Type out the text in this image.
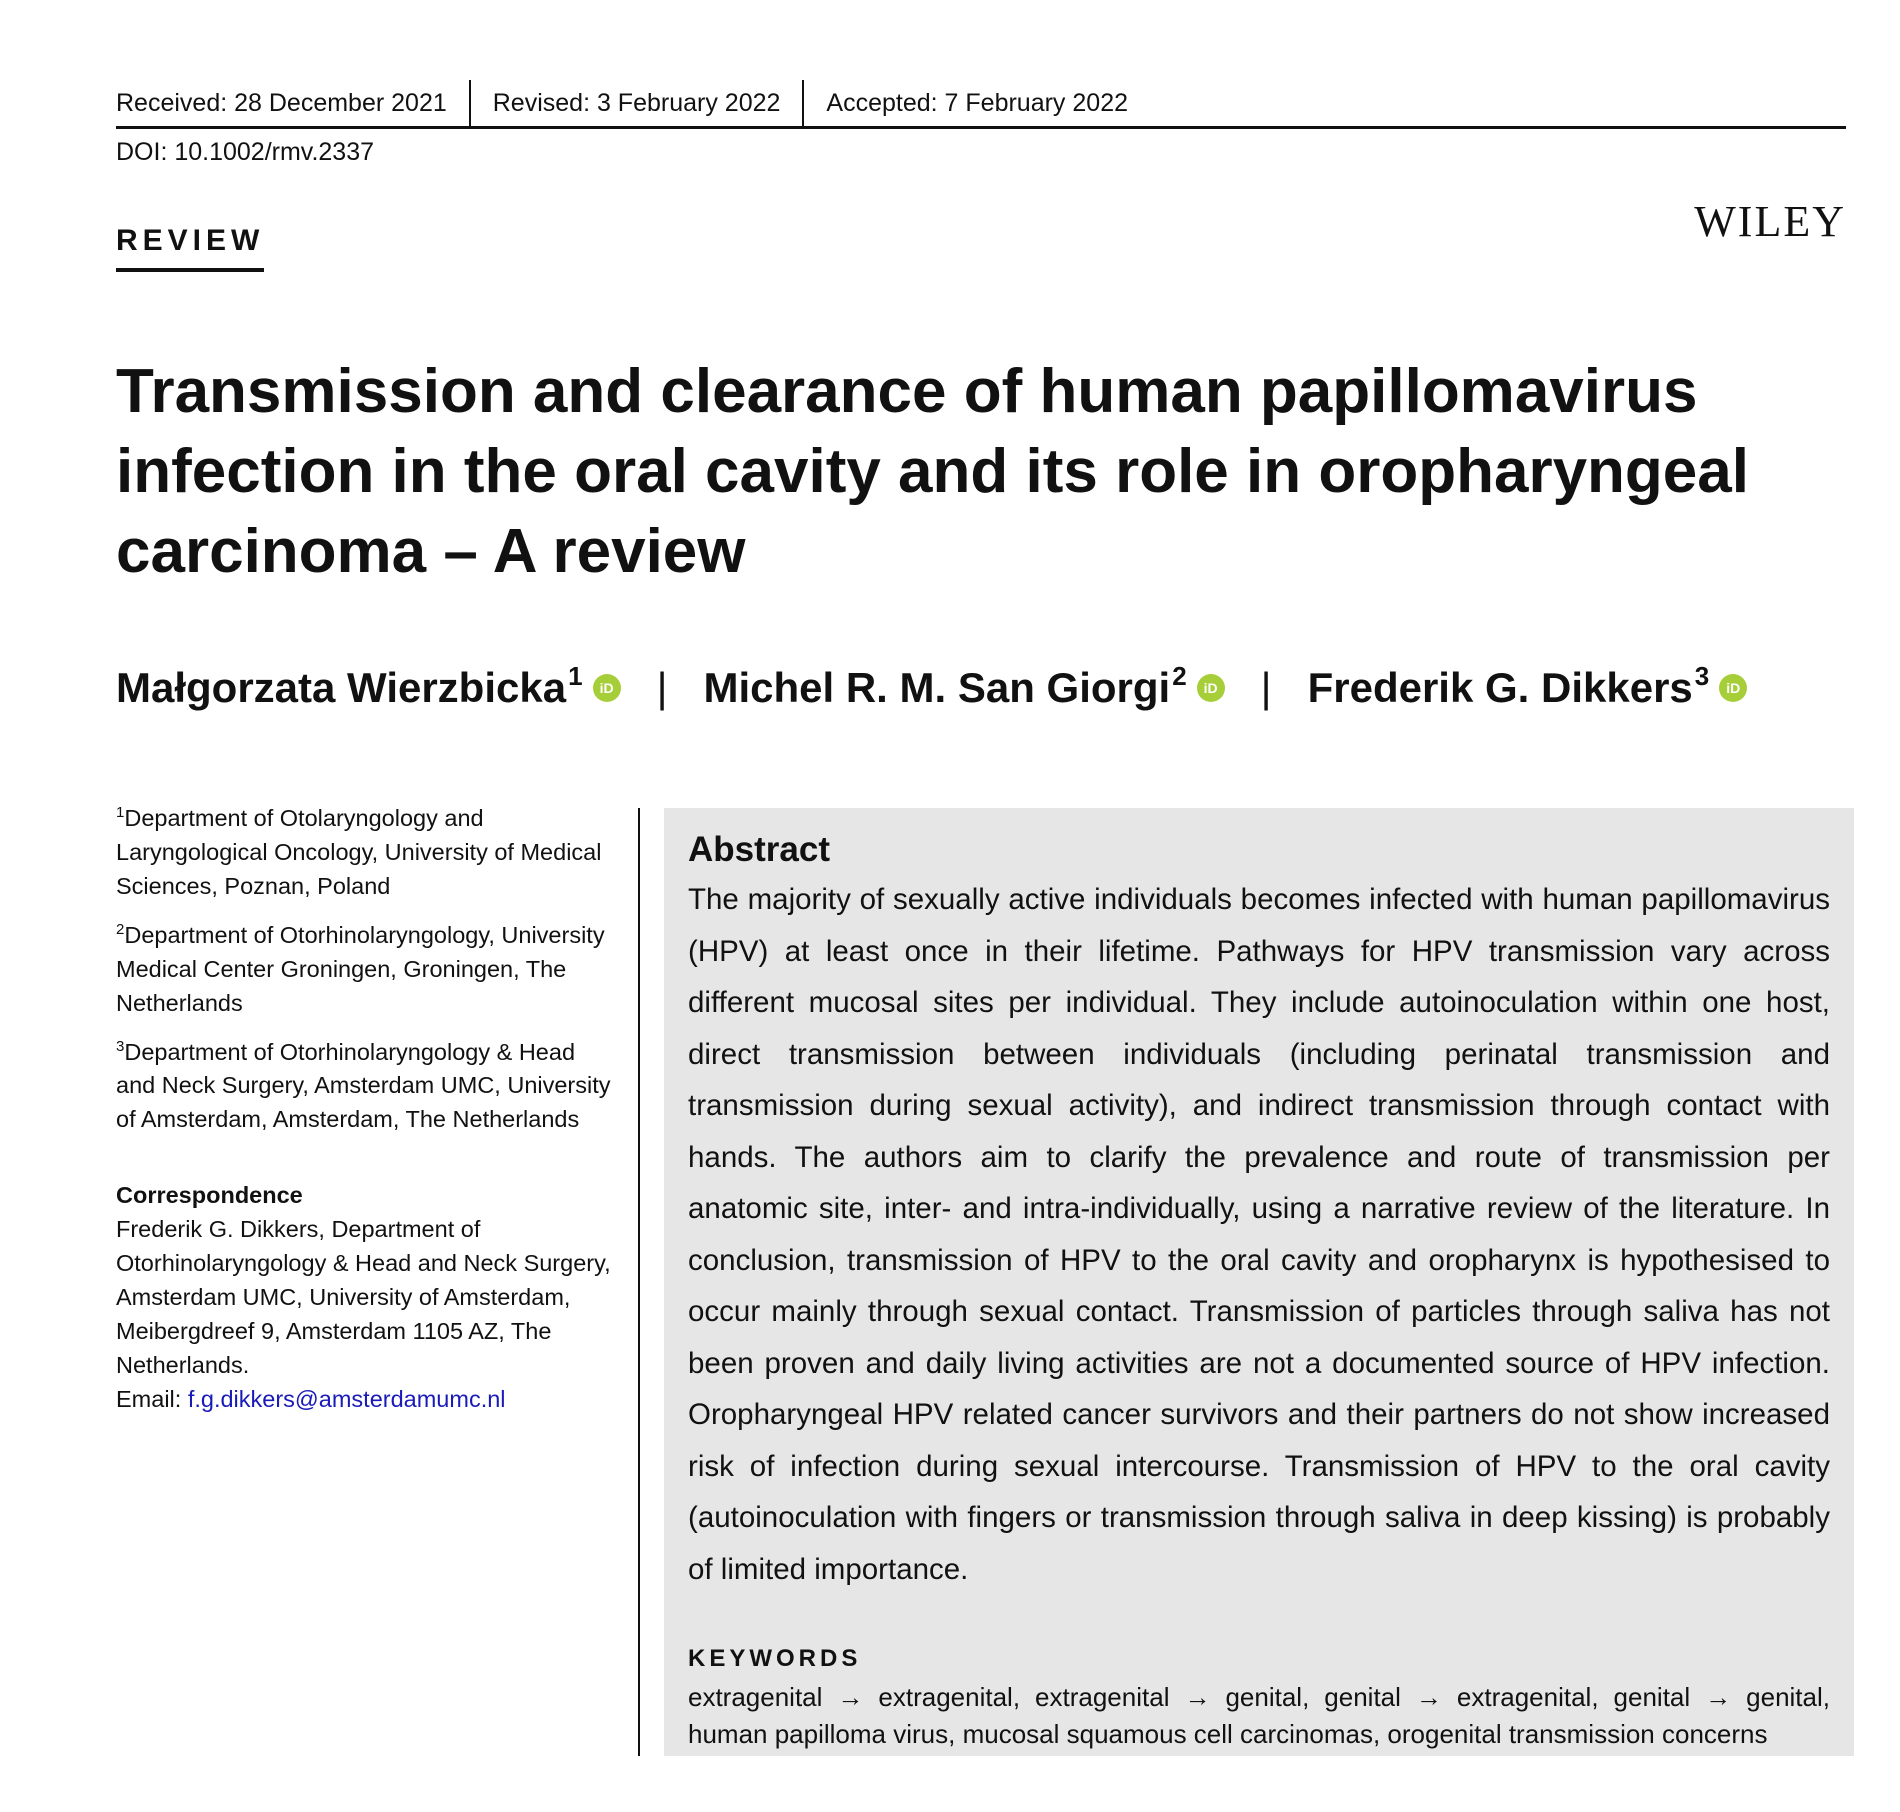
Received: 28 December 2021	Revised: 3 February 2022	Accepted: 7 February 2022
DOI: 10.1002/rmv.2337
WILEY
REVIEW
Transmission and clearance of human papillomavirus infection in the oral cavity and its role in oropharyngeal carcinoma – A review
Małgorzata Wierzbicka$^1$	iD | Michel R. M. San Giorgi$^2$	iD | Frederik G. Dikkers$^3$	iD

$^1$Department of Otolaryngology and Laryngological Oncology, University of Medical Sciences, Poznan, Poland

$^2$Department of Otorhinolaryngology, University Medical Center Groningen, Groningen, The Netherlands

$^3$Department of Otorhinolaryngology & Head and Neck Surgery, Amsterdam UMC, University of Amsterdam, Amsterdam, The Netherlands

Correspondence
Frederik G. Dikkers, Department of Otorhinolaryngology & Head and Neck Surgery, Amsterdam UMC, University of Amsterdam, Meibergdreef 9, Amsterdam 1105 AZ, The Netherlands.
Email: f.g.dikkers@amsterdamumc.nl
Abstract

The majority of sexually active individuals becomes infected with human papillomavirus (HPV) at least once in their lifetime. Pathways for HPV transmission vary across different mucosal sites per individual. They include autoinoculation within one host, direct transmission between individuals (including perinatal transmission and transmission during sexual activity), and indirect transmission through contact with hands. The authors aim to clarify the prevalence and route of transmission per anatomic site, inter- and intra-individually, using a narrative review of the literature. In conclusion, transmission of HPV to the oral cavity and oropharynx is hypothesised to occur mainly through sexual contact. Transmission of particles through saliva has not been proven and daily living activities are not a documented source of HPV infection. Oropharyngeal HPV related cancer survivors and their partners do not show increased risk of infection during sexual intercourse. Transmission of HPV to the oral cavity (autoinoculation with fingers or transmission through saliva in deep kissing) is probably of limited importance.

KEYWORDS

extragenital → extragenital, extragenital → genital, genital → extragenital, genital → genital, human papilloma virus, mucosal squamous cell carcinomas, orogenital transmission concerns
